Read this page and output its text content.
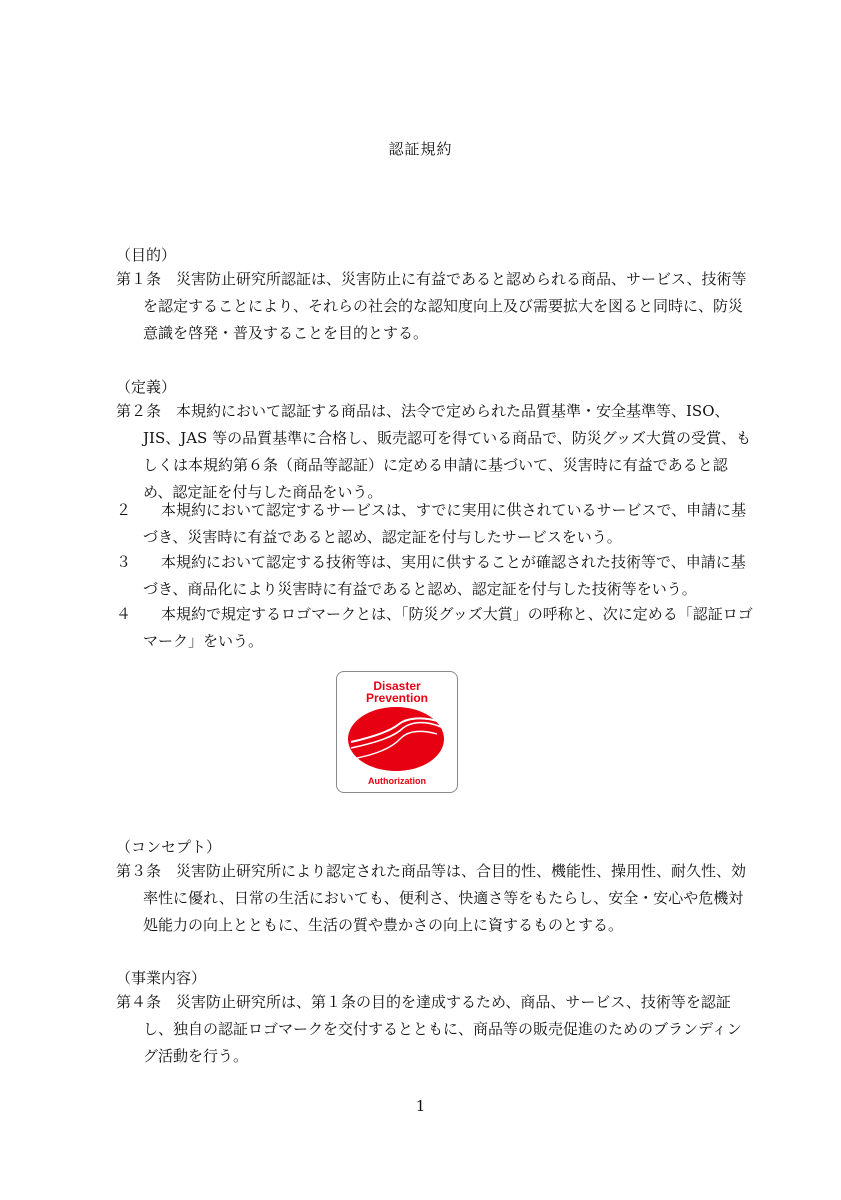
認証規約
（目的）
第１条　災害防止研究所認証は、災害防止に有益であると認められる商品、サービス、技術等を認定することにより、それらの社会的な認知度向上及び需要拡大を図ると同時に、防災意識を啓発・普及することを目的とする。
（定義）
第２条　本規約において認証する商品は、法令で定められた品質基準・安全基準等、ISO、JIS、JAS 等の品質基準に合格し、販売認可を得ている商品で、防災グッズ大賞の受賞、もしくは本規約第６条（商品等認証）に定める申請に基づいて、災害時に有益であると認め、認定証を付与した商品をいう。
２　　本規約において認定するサービスは、すでに実用に供されているサービスで、申請に基づき、災害時に有益であると認め、認定証を付与したサービスをいう。
３　　本規約において認定する技術等は、実用に供することが確認された技術等で、申請に基づき、商品化により災害時に有益であると認め、認定証を付与した技術等をいう。
４　　本規約で規定するロゴマークとは、「防災グッズ大賞」の呼称と、次に定める「認証ロゴマーク」をいう。
Disaster
Prevention
Authorization
（コンセプト）
第３条　災害防止研究所により認定された商品等は、合目的性、機能性、操用性、耐久性、効率性に優れ、日常の生活においても、便利さ、快適さ等をもたらし、安全・安心や危機対処能力の向上とともに、生活の質や豊かさの向上に資するものとする。
（事業内容）
第４条　災害防止研究所は、第１条の目的を達成するため、商品、サービス、技術等を認証し、独自の認証ロゴマークを交付するとともに、商品等の販売促進のためのブランディング活動を行う。
1
